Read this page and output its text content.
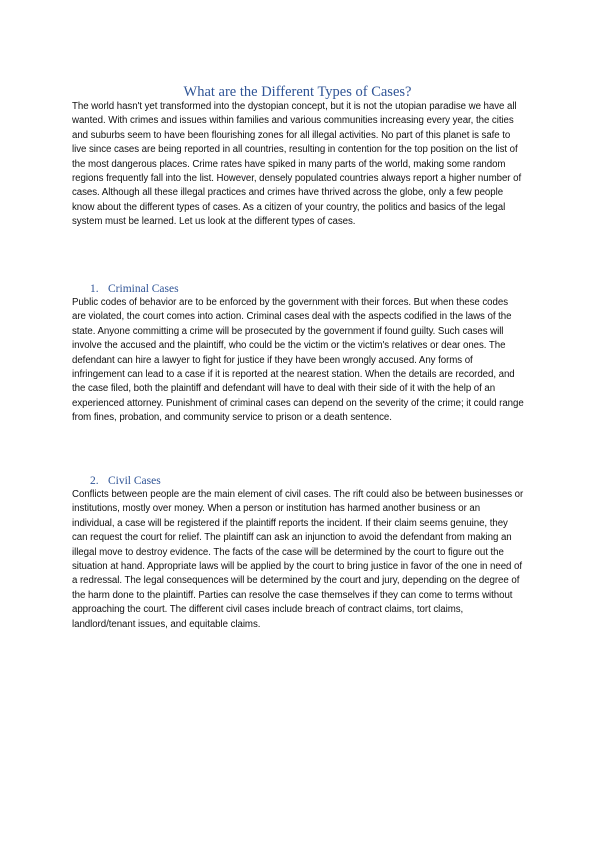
What are the Different Types of Cases?

The world hasn't yet transformed into the dystopian concept, but it is not the utopian paradise we have all wanted. With crimes and issues within families and various communities increasing every year, the cities and suburbs seem to have been flourishing zones for all illegal activities. No part of this planet is safe to live since cases are being reported in all countries, resulting in contention for the top position on the list of the most dangerous places. Crime rates have spiked in many parts of the world, making some random regions frequently fall into the list. However, densely populated countries always report a higher number of cases. Although all these illegal practices and crimes have thrived across the globe, only a few people know about the different types of cases. As a citizen of your country, the politics and basics of the legal system must be learned. Let us look at the different types of cases.

1. Criminal Cases

Public codes of behavior are to be enforced by the government with their forces. But when these codes are violated, the court comes into action. Criminal cases deal with the aspects codified in the laws of the state. Anyone committing a crime will be prosecuted by the government if found guilty. Such cases will involve the accused and the plaintiff, who could be the victim or the victim's relatives or dear ones. The defendant can hire a lawyer to fight for justice if they have been wrongly accused. Any forms of infringement can lead to a case if it is reported at the nearest station. When the details are recorded, and the case filed, both the plaintiff and defendant will have to deal with their side of it with the help of an experienced attorney. Punishment of criminal cases can depend on the severity of the crime; it could range from fines, probation, and community service to prison or a death sentence.

2. Civil Cases

Conflicts between people are the main element of civil cases. The rift could also be between businesses or institutions, mostly over money. When a person or institution has harmed another business or an individual, a case will be registered if the plaintiff reports the incident. If their claim seems genuine, they can request the court for relief. The plaintiff can ask an injunction to avoid the defendant from making an illegal move to destroy evidence. The facts of the case will be determined by the court to figure out the situation at hand. Appropriate laws will be applied by the court to bring justice in favor of the one in need of a redressal. The legal consequences will be determined by the court and jury, depending on the degree of the harm done to the plaintiff. Parties can resolve the case themselves if they can come to terms without approaching the court. The different civil cases include breach of contract claims, tort claims, landlord/tenant issues, and equitable claims.
